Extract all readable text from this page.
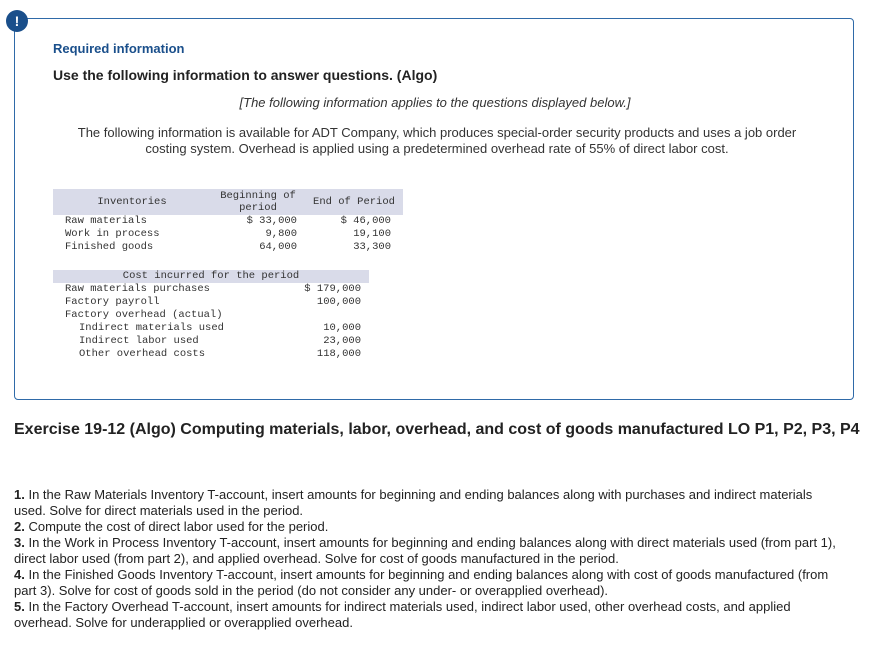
!
Required information
Use the following information to answer questions. (Algo)
[The following information applies to the questions displayed below.]
The following information is available for ADT Company, which produces special-order security products and uses a job order costing system. Overhead is applied using a predetermined overhead rate of 55% of direct labor cost.
Inventories	Beginning of period	End of Period
Raw materials	$ 33,000	$ 46,000
Work in process	9,800	19,100
Finished goods	64,000	33,300
Cost incurred for the period	
Raw materials purchases	$ 179,000
Factory payroll	100,000
Factory overhead (actual)	
Indirect materials used	10,000
Indirect labor used	23,000
Other overhead costs	118,000
Exercise 19-12 (Algo) Computing materials, labor, overhead, and cost of goods manufactured LO P1, P2, P3, P4

1. In the Raw Materials Inventory T-account, insert amounts for beginning and ending balances along with purchases and indirect materials used. Solve for direct materials used in the period.

2. Compute the cost of direct labor used for the period.

3. In the Work in Process Inventory T-account, insert amounts for beginning and ending balances along with direct materials used (from part 1), direct labor used (from part 2), and applied overhead. Solve for cost of goods manufactured in the period.

4. In the Finished Goods Inventory T-account, insert amounts for beginning and ending balances along with cost of goods manufactured (from part 3). Solve for cost of goods sold in the period (do not consider any under- or overapplied overhead).

5. In the Factory Overhead T-account, insert amounts for indirect materials used, indirect labor used, other overhead costs, and applied overhead. Solve for underapplied or overapplied overhead.
